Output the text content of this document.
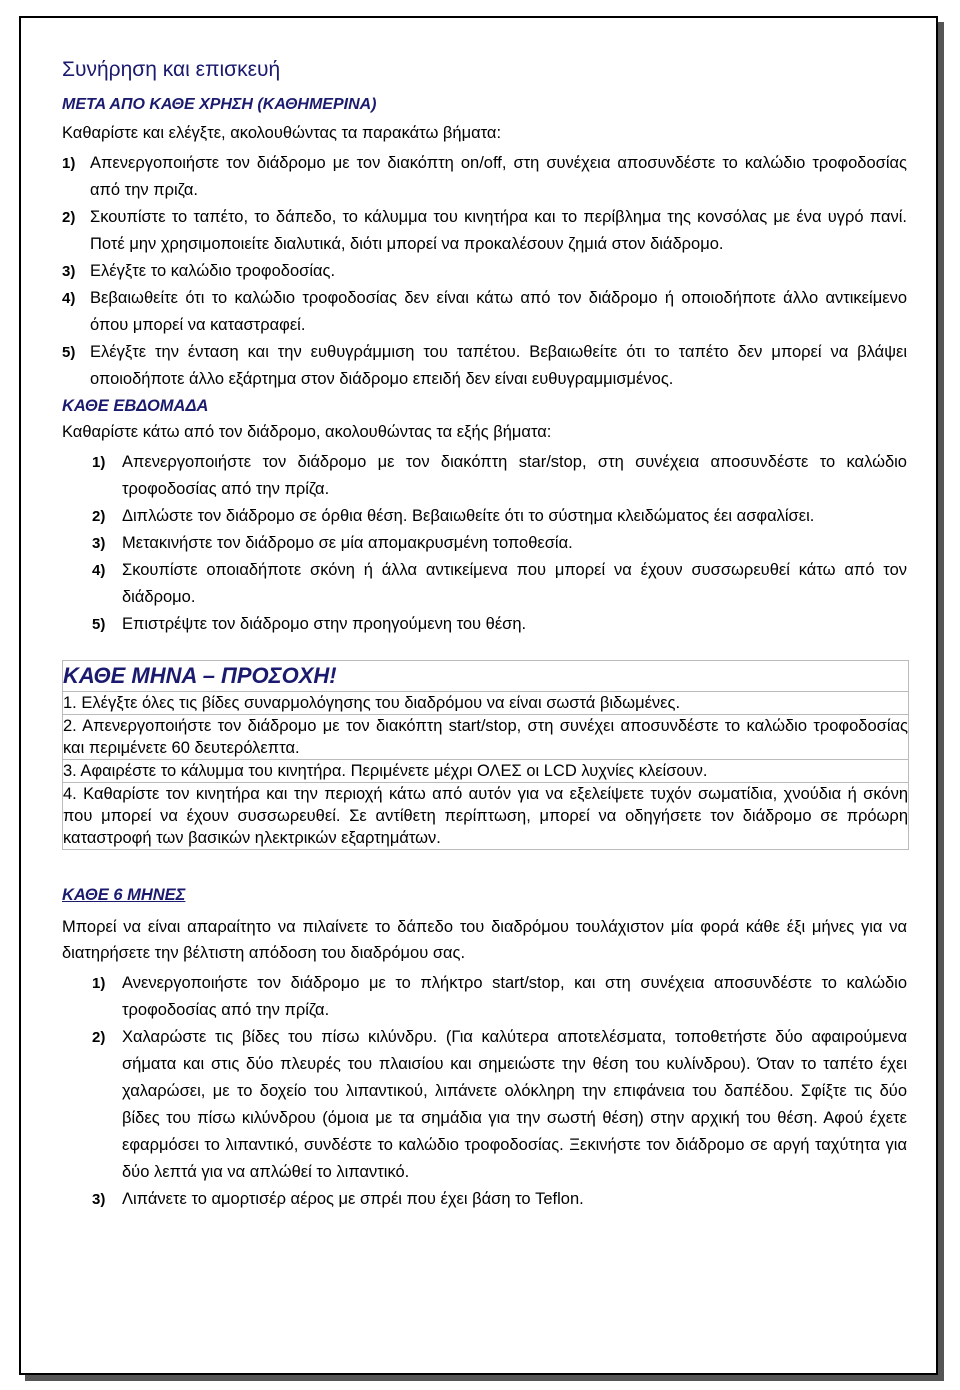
Συνήρηση και επισκευή
ΜΕΤΑ ΑΠΟ ΚΑΘΕ ΧΡΗΣΗ (ΚΑΘΗΜΕΡΙΝΑ)
Καθαρίστε και ελέγξτε, ακολουθώντας τα παρακάτω βήματα:
1) Απενεργοποιήστε τον διάδρομο με τον διακόπτη on/off, στη συνέχεια αποσυνδέστε το καλώδιο τροφοδοσίας από την πριζα.
2) Σκουπίστε το ταπέτο, το δάπεδο, το κάλυμμα του κινητήρα και το περίβλημα της κονσόλας με ένα υγρό πανί. Ποτέ μην χρησιμοποιείτε διαλυτικά, διότι μπορεί να προκαλέσουν ζημιά στον διάδρομο.
3) Ελέγξτε το καλώδιο τροφοδοσίας.
4) Βεβαιωθείτε ότι το καλώδιο τροφοδοσίας δεν είναι κάτω από τον διάδρομο ή οποιοδήποτε άλλο αντικείμενο όπου μπορεί να καταστραφεί.
5) Ελέγξτε την ένταση και την ευθυγράμμιση του ταπέτου. Βεβαιωθείτε ότι το ταπέτο δεν μπορεί να βλάψει οποιοδήποτε άλλο εξάρτημα στον διάδρομο επειδή δεν είναι ευθυγραμμισμένος.
ΚΑΘΕ ΕΒΔΟΜΑΔΑ
Καθαρίστε κάτω από τον διάδρομο, ακολουθώντας τα εξής βήματα:
1)	Απενεργοποιήστε τον διάδρομο με τον διακόπτη star/stop, στη συνέχεια αποσυνδέστε το καλώδιο τροφοδοσίας από την πρίζα.
2)	Διπλώστε τον διάδρομο σε όρθια θέση. Βεβαιωθείτε ότι το σύστημα κλειδώματος έει ασφαλίσει.
3)	Μετακινήστε τον διάδρομο σε μία απομακρυσμένη τοποθεσία.
4)	Σκουπίστε οποιαδήποτε σκόνη ή άλλα αντικείμενα που μπορεί να έχουν συσσωρευθεί κάτω από τον διάδρομο.
5)	Επιστρέψτε τον διάδρομο στην προηγούμενη του θέση.
ΚΑΘΕ ΜΗΝΑ – ΠΡΟΣΟΧΗ!
1. Ελέγξτε όλες τις βίδες συναρμολόγησης του διαδρόμου να είναι σωστά βιδωμένες.
2. Απενεργοποιήστε τον διάδρομο με τον διακόπτη start/stop, στη συνέχει αποσυνδέστε το καλώδιο τροφοδοσίας και περιμένετε 60 δευτερόλεπτα.
3. Αφαιρέστε το κάλυμμα του κινητήρα. Περιμένετε μέχρι ΟΛΕΣ οι LCD λυχνίες κλείσουν.
4. Καθαρίστε τον κινητήρα και την περιοχή κάτω από αυτόν για να εξελείψετε τυχόν σωματίδια, χνούδια ή σκόνη που μπορεί να έχουν συσσωρευθεί. Σε αντίθετη περίπτωση, μπορεί να οδηγήσετε τον διάδρομο σε πρόωρη καταστροφή των βασικών ηλεκτρικών εξαρτημάτων.
ΚΑΘΕ 6 ΜΗΝΕΣ
Μπορεί να είναι απαραίτητο να πιλαίνετε το δάπεδο του διαδρόμου τουλάχιστον μία φορά κάθε έξι μήνες για να διατηρήσετε την βέλτιστη απόδοση του διαδρόμου σας.
1)	Ανενεργοποιήστε τον διάδρομο με το πλήκτρο start/stop, και στη συνέχεια αποσυνδέστε το καλώδιο τροφοδοσίας από την πρίζα.
2)	Χαλαρώστε τις βίδες του πίσω κιλύνδρυ. (Για καλύτερα αποτελέσματα, τοποθετήστε δύο αφαιρούμενα σήματα και στις δύο πλευρές του πλαισίου και σημειώστε την θέση του κυλίνδρου). Όταν το ταπέτο έχει χαλαρώσει, με το δοχείο του λιπαντικού, λιπάνετε ολόκληρη την επιφάνεια του δαπέδου. Σφίξτε τις δύο βίδες του πίσω κιλύνδρου (όμοια με τα σημάδια για την σωστή θέση) στην αρχική του θέση. Αφού έχετε εφαρμόσει το λιπαντικό, συνδέστε το καλώδιο τροφοδοσίας. Ξεκινήστε τον διάδρομο σε αργή ταχύτητα για δύο λεπτά για να απλώθεί το λιπαντικό.
3)	Λιπάνετε το αμορτισέρ αέρος με σπρέι που έχει βάση το Teflon.
